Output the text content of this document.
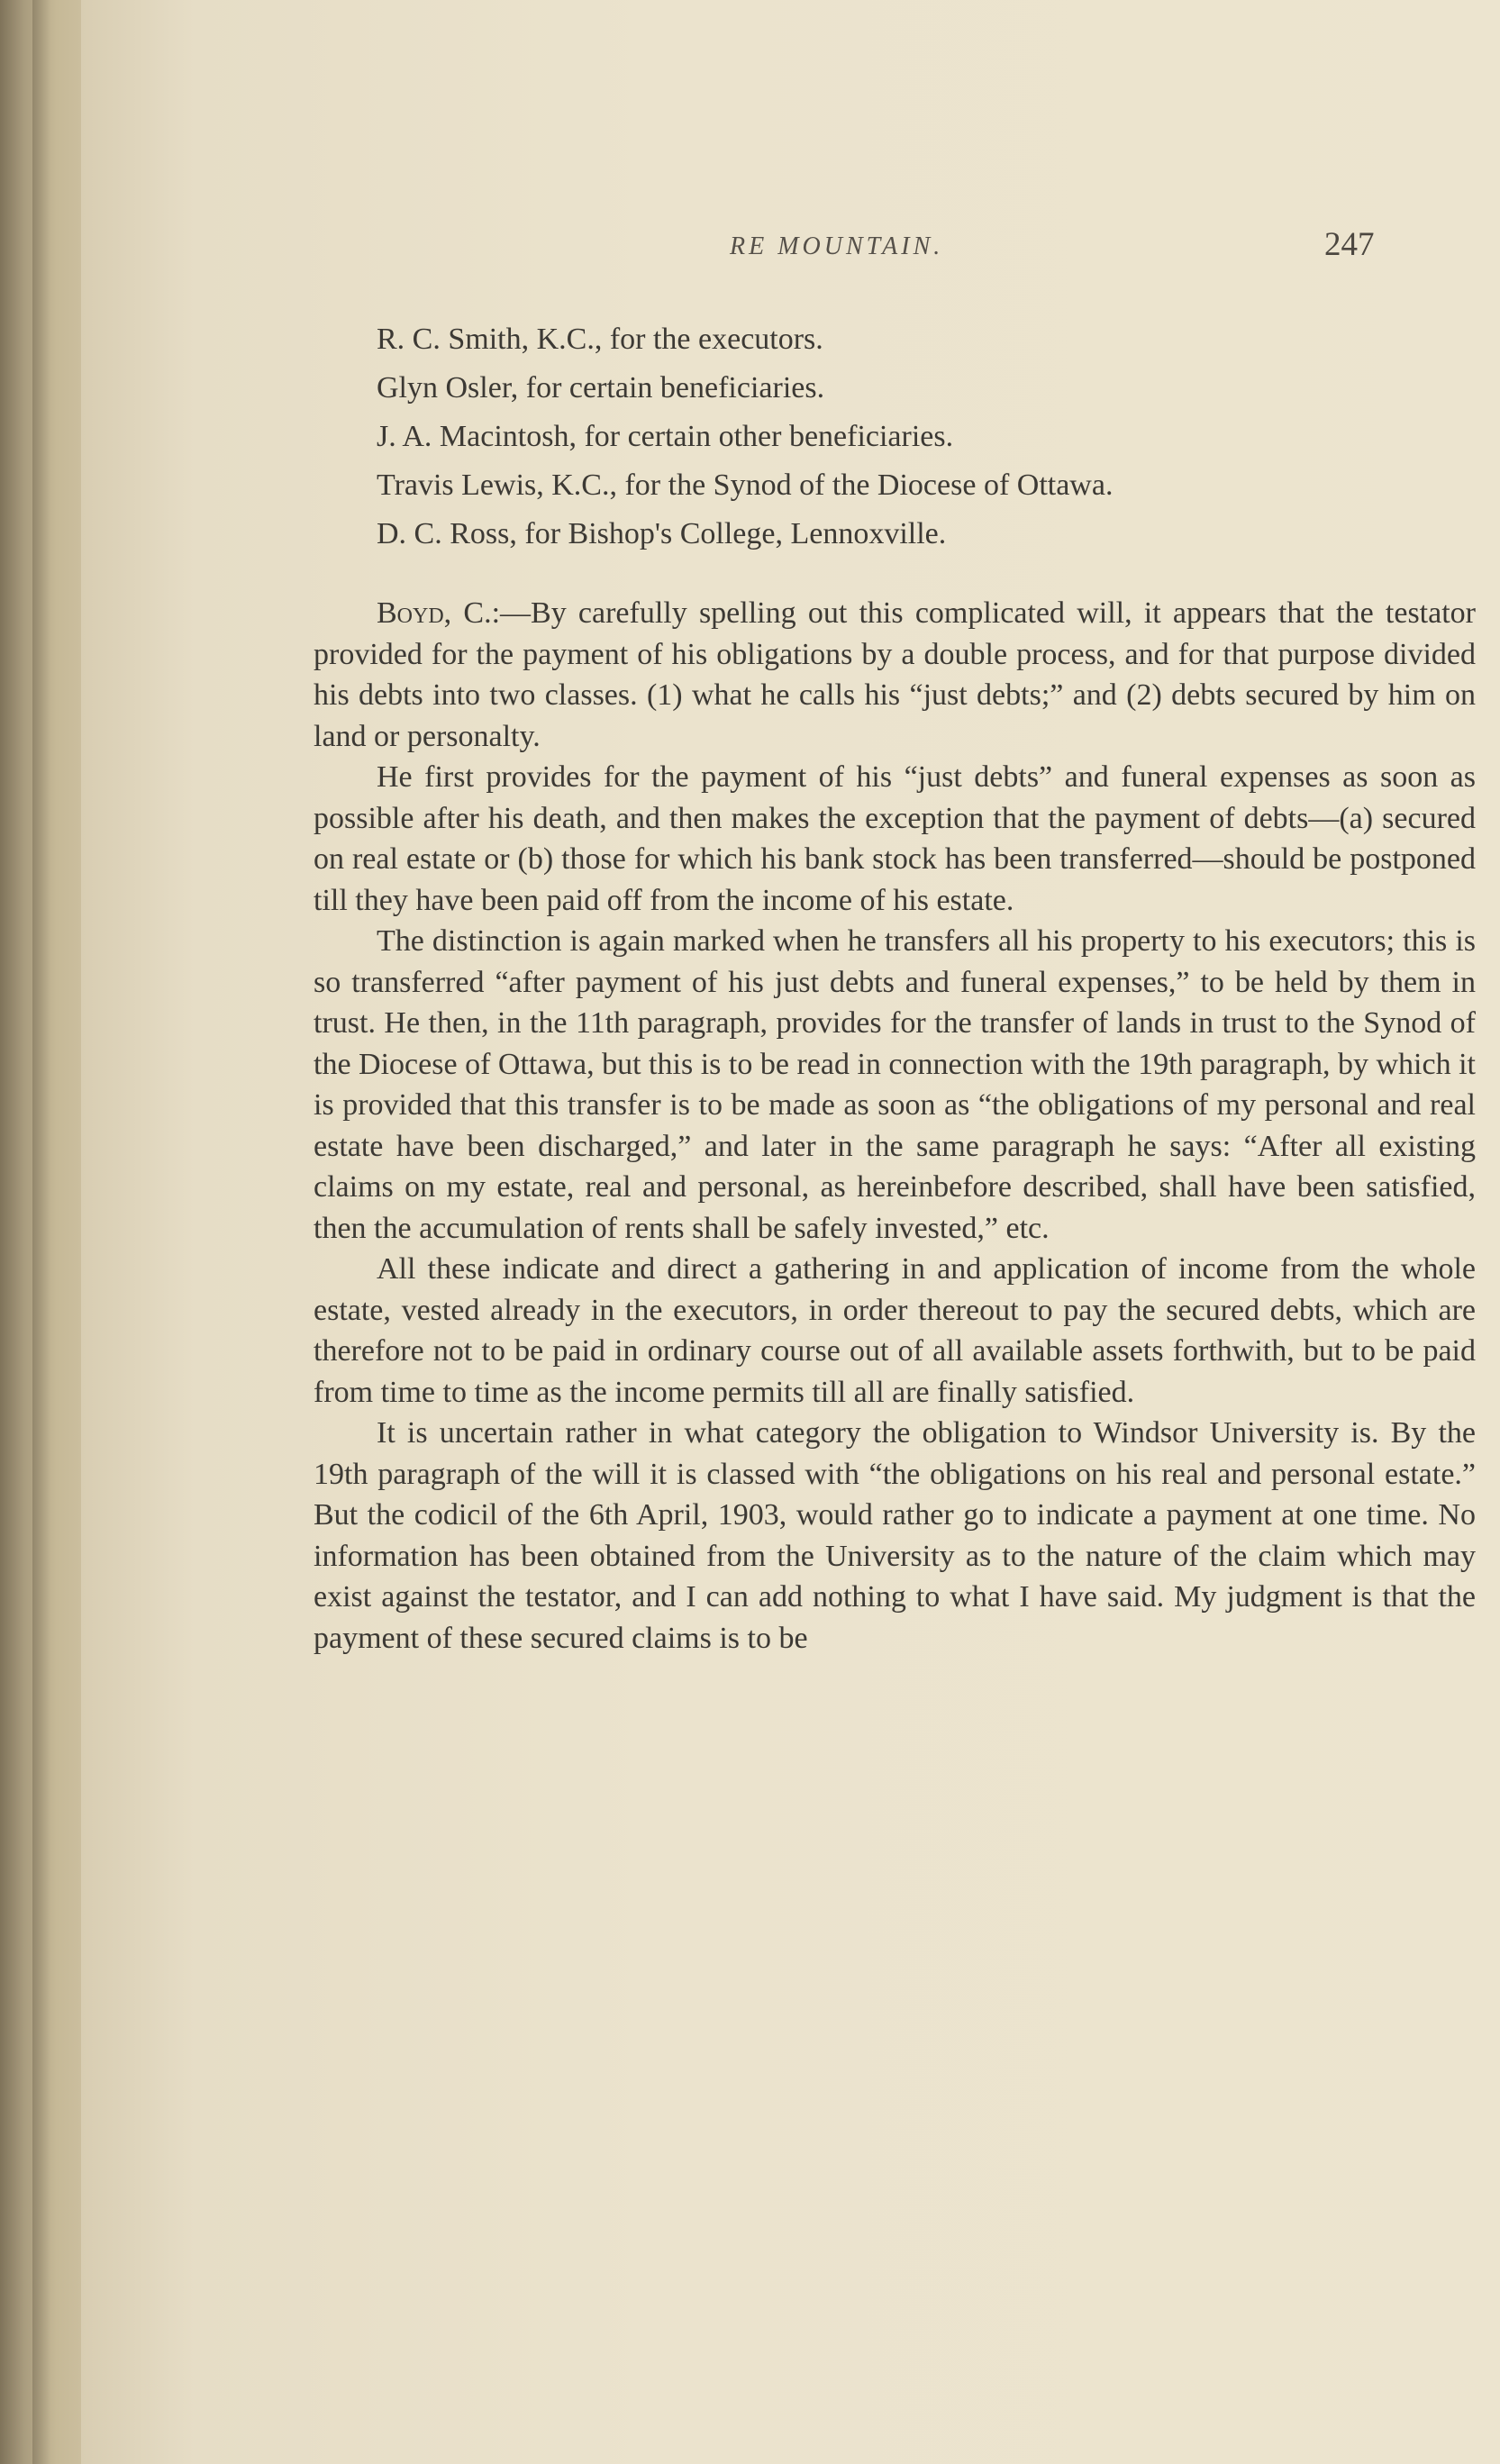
RE MOUNTAIN.	247
R. C. Smith, K.C., for the executors.
Glyn Osler, for certain beneficiaries.
J. A. Macintosh, for certain other beneficiaries.
Travis Lewis, K.C., for the Synod of the Diocese of Ottawa.
D. C. Ross, for Bishop's College, Lennoxville.

Boyd, C.:—By carefully spelling out this complicated will, it appears that the testator provided for the payment of his obligations by a double process, and for that purpose divided his debts into two classes. (1) what he calls his “just debts;” and (2) debts secured by him on land or personalty.

He first provides for the payment of his “just debts” and funeral expenses as soon as possible after his death, and then makes the exception that the payment of debts—(a) secured on real estate or (b) those for which his bank stock has been transferred—should be postponed till they have been paid off from the income of his estate.

The distinction is again marked when he transfers all his property to his executors; this is so transferred “after payment of his just debts and funeral expenses,” to be held by them in trust. He then, in the 11th paragraph, provides for the transfer of lands in trust to the Synod of the Diocese of Ottawa, but this is to be read in connection with the 19th paragraph, by which it is provided that this transfer is to be made as soon as “the obligations of my personal and real estate have been discharged,” and later in the same paragraph he says: “After all existing claims on my estate, real and personal, as hereinbefore described, shall have been satisfied, then the accumulation of rents shall be safely invested,” etc.

All these indicate and direct a gathering in and application of income from the whole estate, vested already in the executors, in order thereout to pay the secured debts, which are therefore not to be paid in ordinary course out of all available assets forthwith, but to be paid from time to time as the income permits till all are finally satisfied.

It is uncertain rather in what category the obligation to Windsor University is. By the 19th paragraph of the will it is classed with “the obligations on his real and personal estate.” But the codicil of the 6th April, 1903, would rather go to indicate a payment at one time. No information has been obtained from the University as to the nature of the claim which may exist against the testator, and I can add nothing to what I have said. My judgment is that the payment of these secured claims is to be
